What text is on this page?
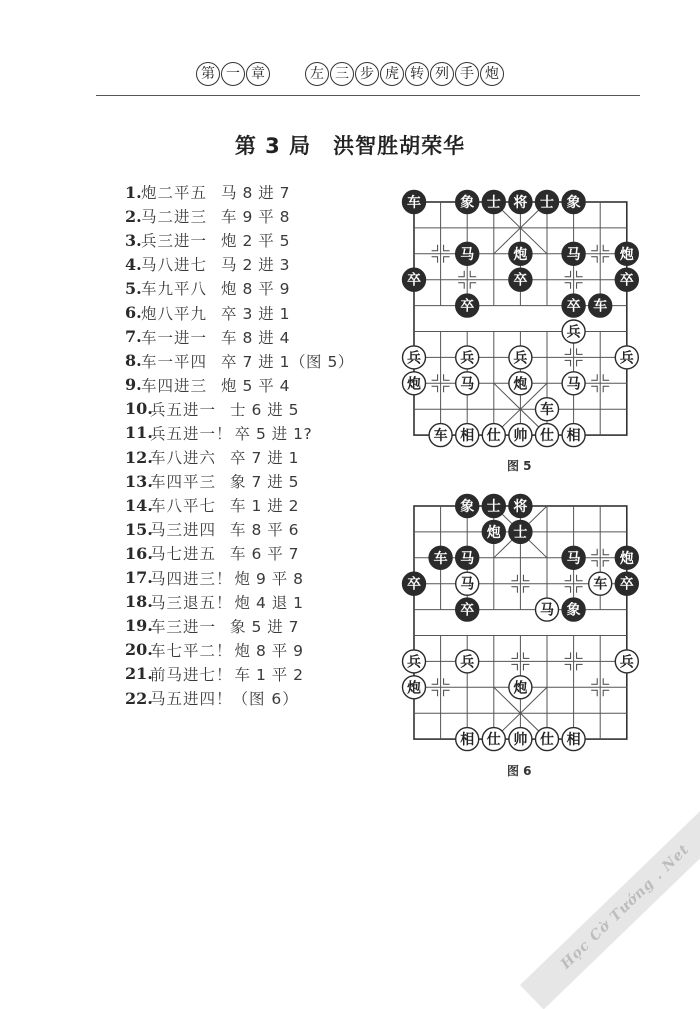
第 一 章
	左 三 步 虎 转 列 手 炮
第 3 局 洪智胜胡荣华
1. 炮二平五 马 8 进 7
2. 马二进三 车 9 平 8
3. 兵三进一 炮 2 平 5
4. 马八进七 马 2 进 3
5. 车九平八 炮 8 平 9
6. 炮八平九 卒 3 进 1
7. 车一进一 车 8 进 4
8. 车一平四 卒 7 进 1（图 5）
9. 车四进三 炮 5 平 4
10.
兵五进一 士 6 进 5
11.
兵五进一！ 卒 5 进 1?
12.
车八进六 卒 7 进 1
13.
车四平三 象 7 进 5
14.
车八平七 车 1 进 2
15.
马三进四 车 8 平 6
16.
马七进五 车 6 平 7
17.
马四进三！ 炮 9 平 8
18.
马三退五！ 炮 4 退 1
19.
车三进一 象 5 进 7
20.
车七平二！ 炮 8 平 9
21.
前马进七！ 车 1 平 2
22.
马五进四！（图 6）
车	象 士 将 士 象
马	炮	马	炮
卒	卒	卒
卒	卒 车
兵
兵	兵	兵	兵
炮	马	炮	马
车
车 相 仕 帅 仕 相
图 5
象 士 将
炮 士
车 马	马	炮
卒	马	车 卒
卒	马 象
兵	兵	兵
炮	炮
相 仕 帅 仕 相
图 6
Học Cờ Tướng . Net
